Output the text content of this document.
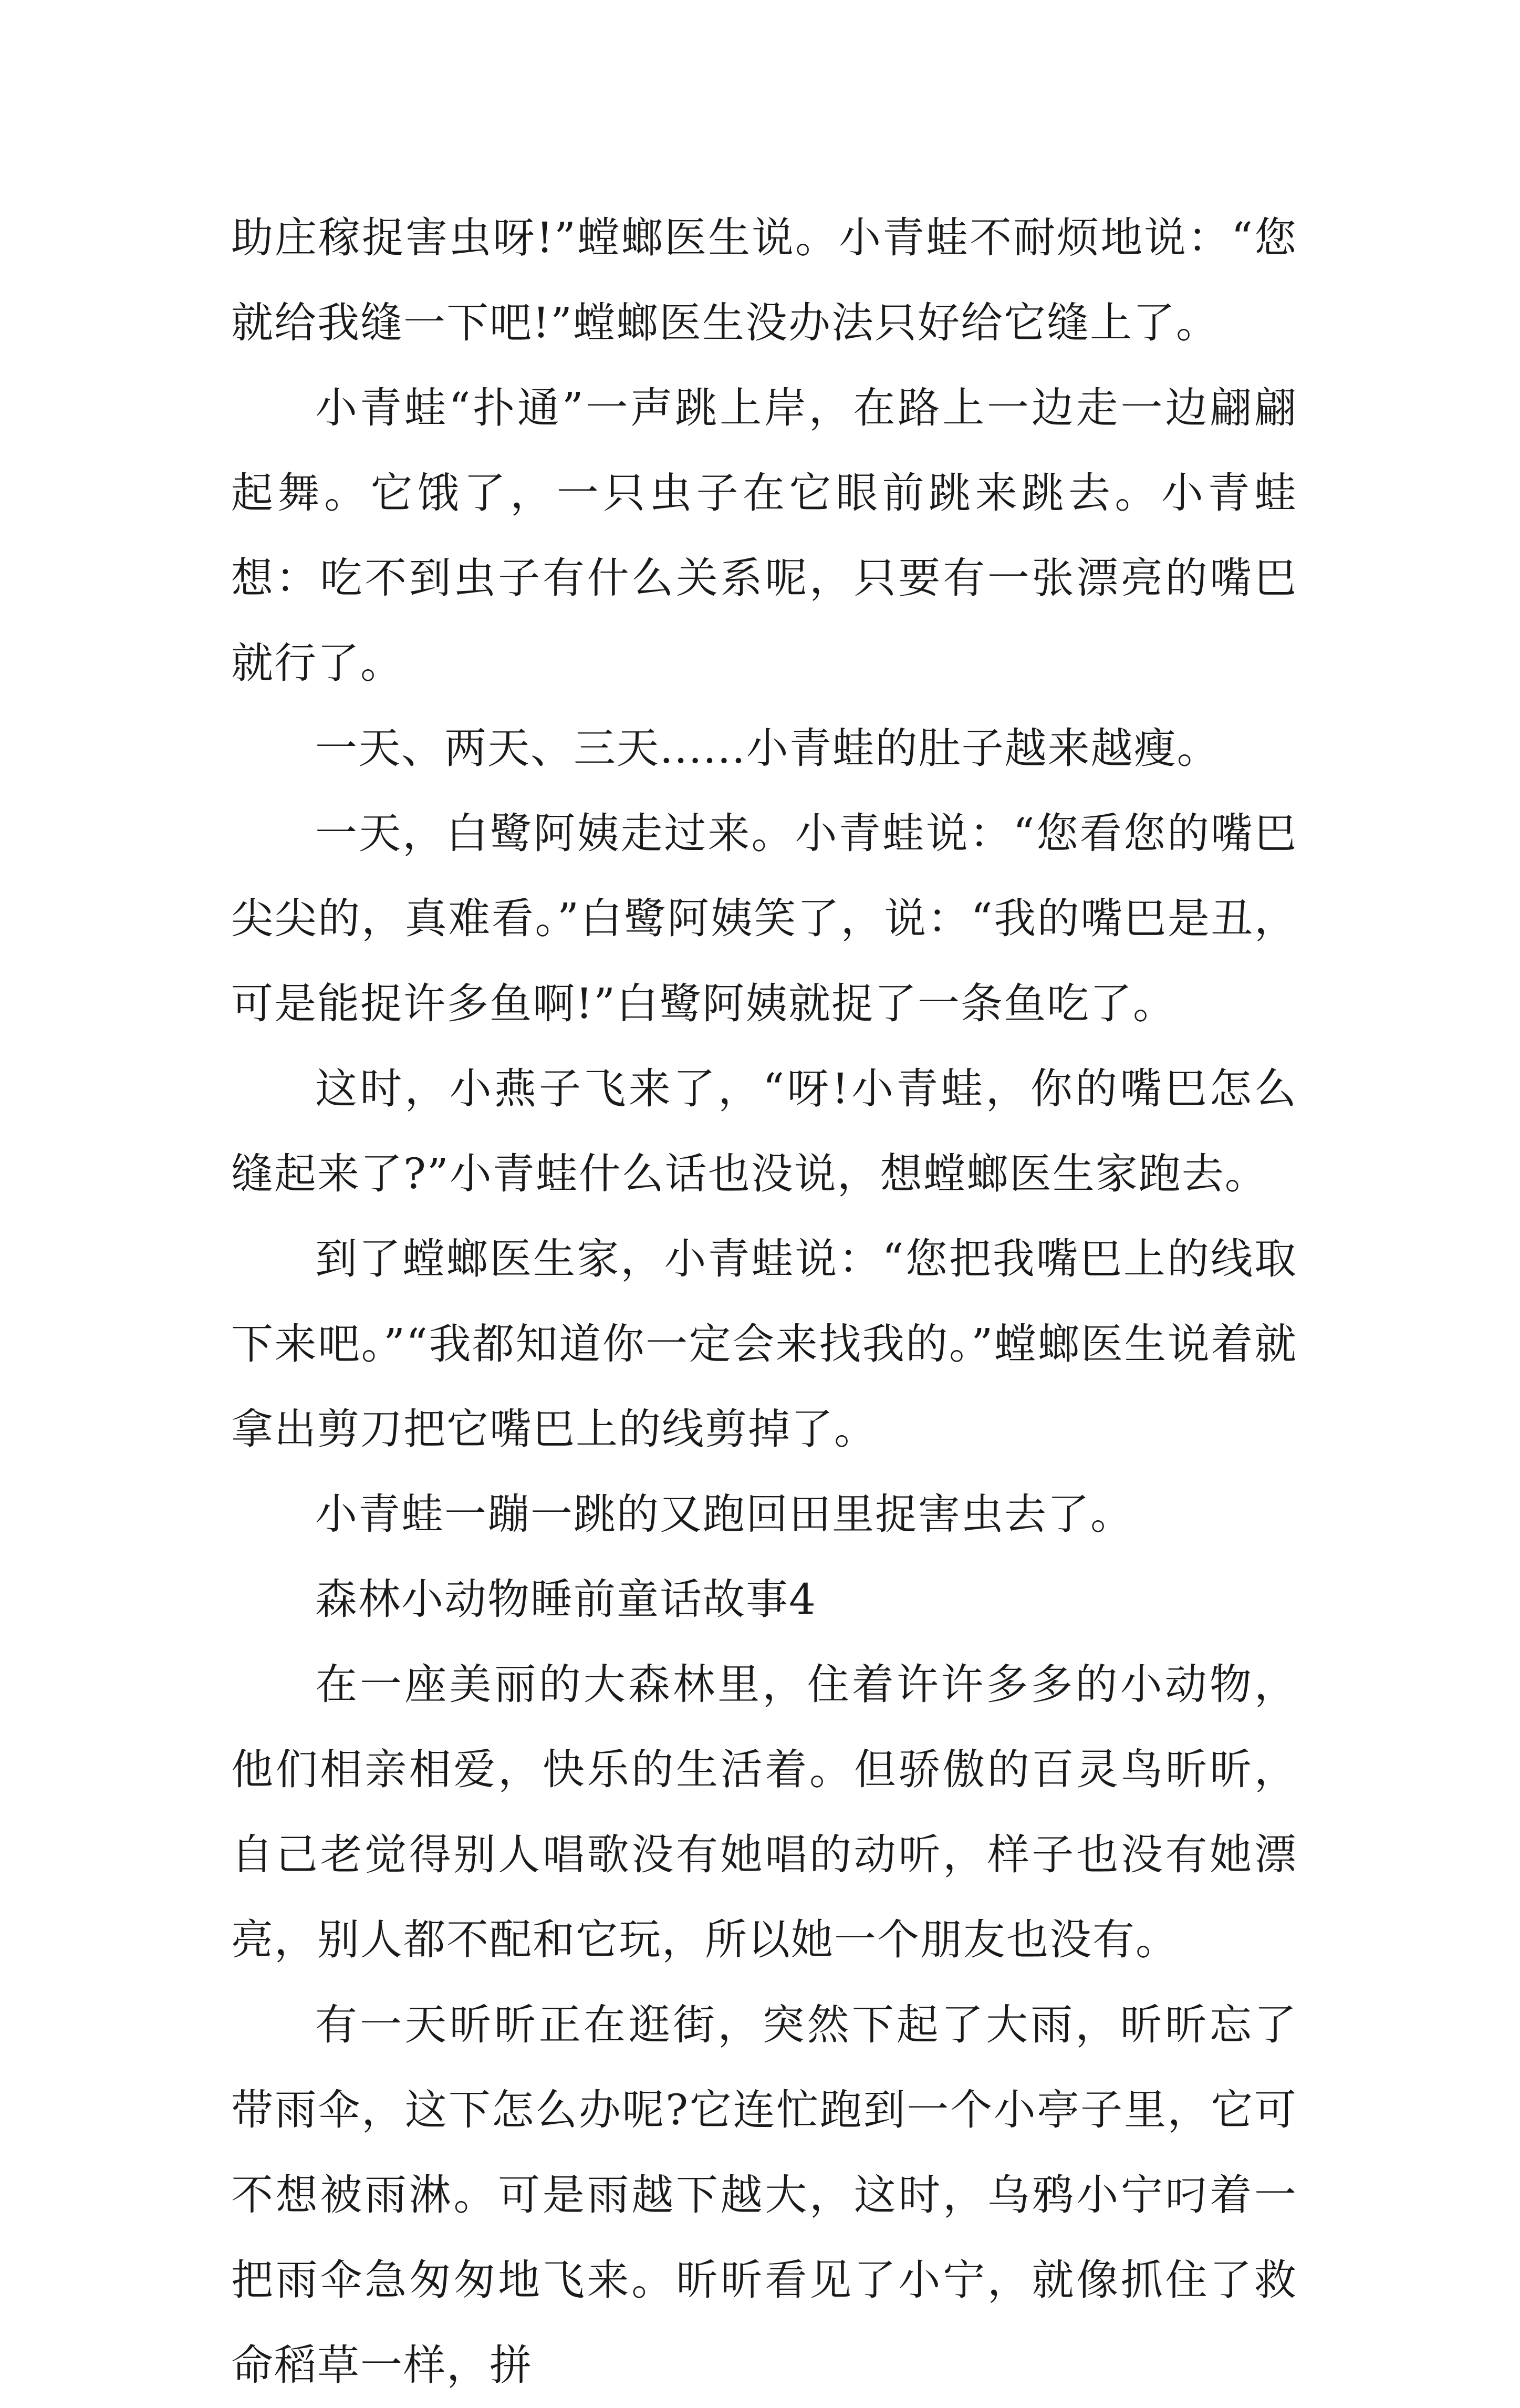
助庄稼捉害虫呀!”螳螂医生说。小青蛙不耐烦地说：“您就给我缝一下吧!”螳螂医生没办法只好给它缝上了。

小青蛙“扑通”一声跳上岸，在路上一边走一边翩翩起舞。它饿了，一只虫子在它眼前跳来跳去。小青蛙想：吃不到虫子有什么关系呢，只要有一张漂亮的嘴巴就行了。

一天、两天、三天......小青蛙的肚子越来越瘦。

一天，白鹭阿姨走过来。小青蛙说：“您看您的嘴巴尖尖的，真难看。”白鹭阿姨笑了，说：“我的嘴巴是丑，可是能捉许多鱼啊!”白鹭阿姨就捉了一条鱼吃了。

这时，小燕子飞来了，“呀!小青蛙，你的嘴巴怎么缝起来了?”小青蛙什么话也没说，想螳螂医生家跑去。

到了螳螂医生家，小青蛙说：“您把我嘴巴上的线取下来吧。”“我都知道你一定会来找我的。”螳螂医生说着就拿出剪刀把它嘴巴上的线剪掉了。

小青蛙一蹦一跳的又跑回田里捉害虫去了。

森林小动物睡前童话故事4

在一座美丽的大森林里，住着许许多多的小动物，他们相亲相爱，快乐的生活着。但骄傲的百灵鸟昕昕，自己老觉得别人唱歌没有她唱的动听，样子也没有她漂亮，别人都不配和它玩，所以她一个朋友也没有。

有一天昕昕正在逛街，突然下起了大雨，昕昕忘了带雨伞，这下怎么办呢?它连忙跑到一个小亭子里，它可不想被雨淋。可是雨越下越大，这时，乌鸦小宁叼着一把雨伞急匆匆地飞来。昕昕看见了小宁，就像抓住了救命稻草一样，拼
